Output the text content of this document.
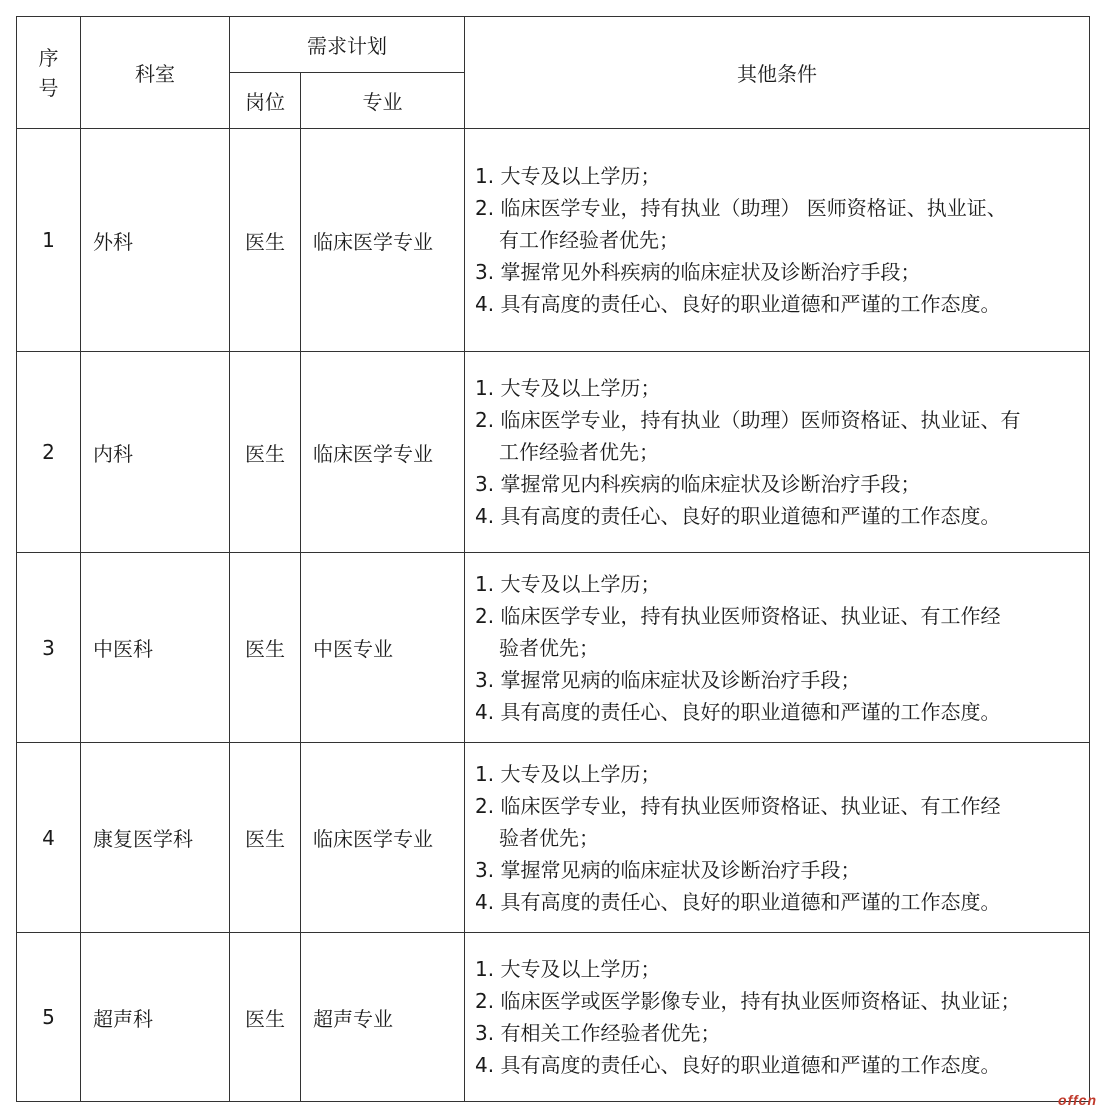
序
号	科室	需求计划		其他条件
		岗位	专业	
1	外科	医生	临床医学专业	1. 大专及以上学历；
2. 临床医学专业，持有执业（助理） 医师资格证、执业证、
有工作经验者优先；
3. 掌握常见外科疾病的临床症状及诊断治疗手段；
4. 具有高度的责任心、良好的职业道德和严谨的工作态度。

2	内科	医生	临床医学专业	1. 大专及以上学历；
2. 临床医学专业，持有执业（助理）医师资格证、执业证、有
工作经验者优先；
3. 掌握常见内科疾病的临床症状及诊断治疗手段；
4. 具有高度的责任心、良好的职业道德和严谨的工作态度。

3	中医科	医生	中医专业	1. 大专及以上学历；
2. 临床医学专业，持有执业医师资格证、执业证、有工作经
验者优先；
3. 掌握常见病的临床症状及诊断治疗手段；
4. 具有高度的责任心、良好的职业道德和严谨的工作态度。

4	康复医学科	医生	临床医学专业	1. 大专及以上学历；
2. 临床医学专业，持有执业医师资格证、执业证、有工作经
验者优先；
3. 掌握常见病的临床症状及诊断治疗手段；
4. 具有高度的责任心、良好的职业道德和严谨的工作态度。

5	超声科	医生	超声专业	1. 大专及以上学历；
2. 临床医学或医学影像专业，持有执业医师资格证、执业证；
3. 有相关工作经验者优先；
4. 具有高度的责任心、良好的职业道德和严谨的工作态度。
offcn
